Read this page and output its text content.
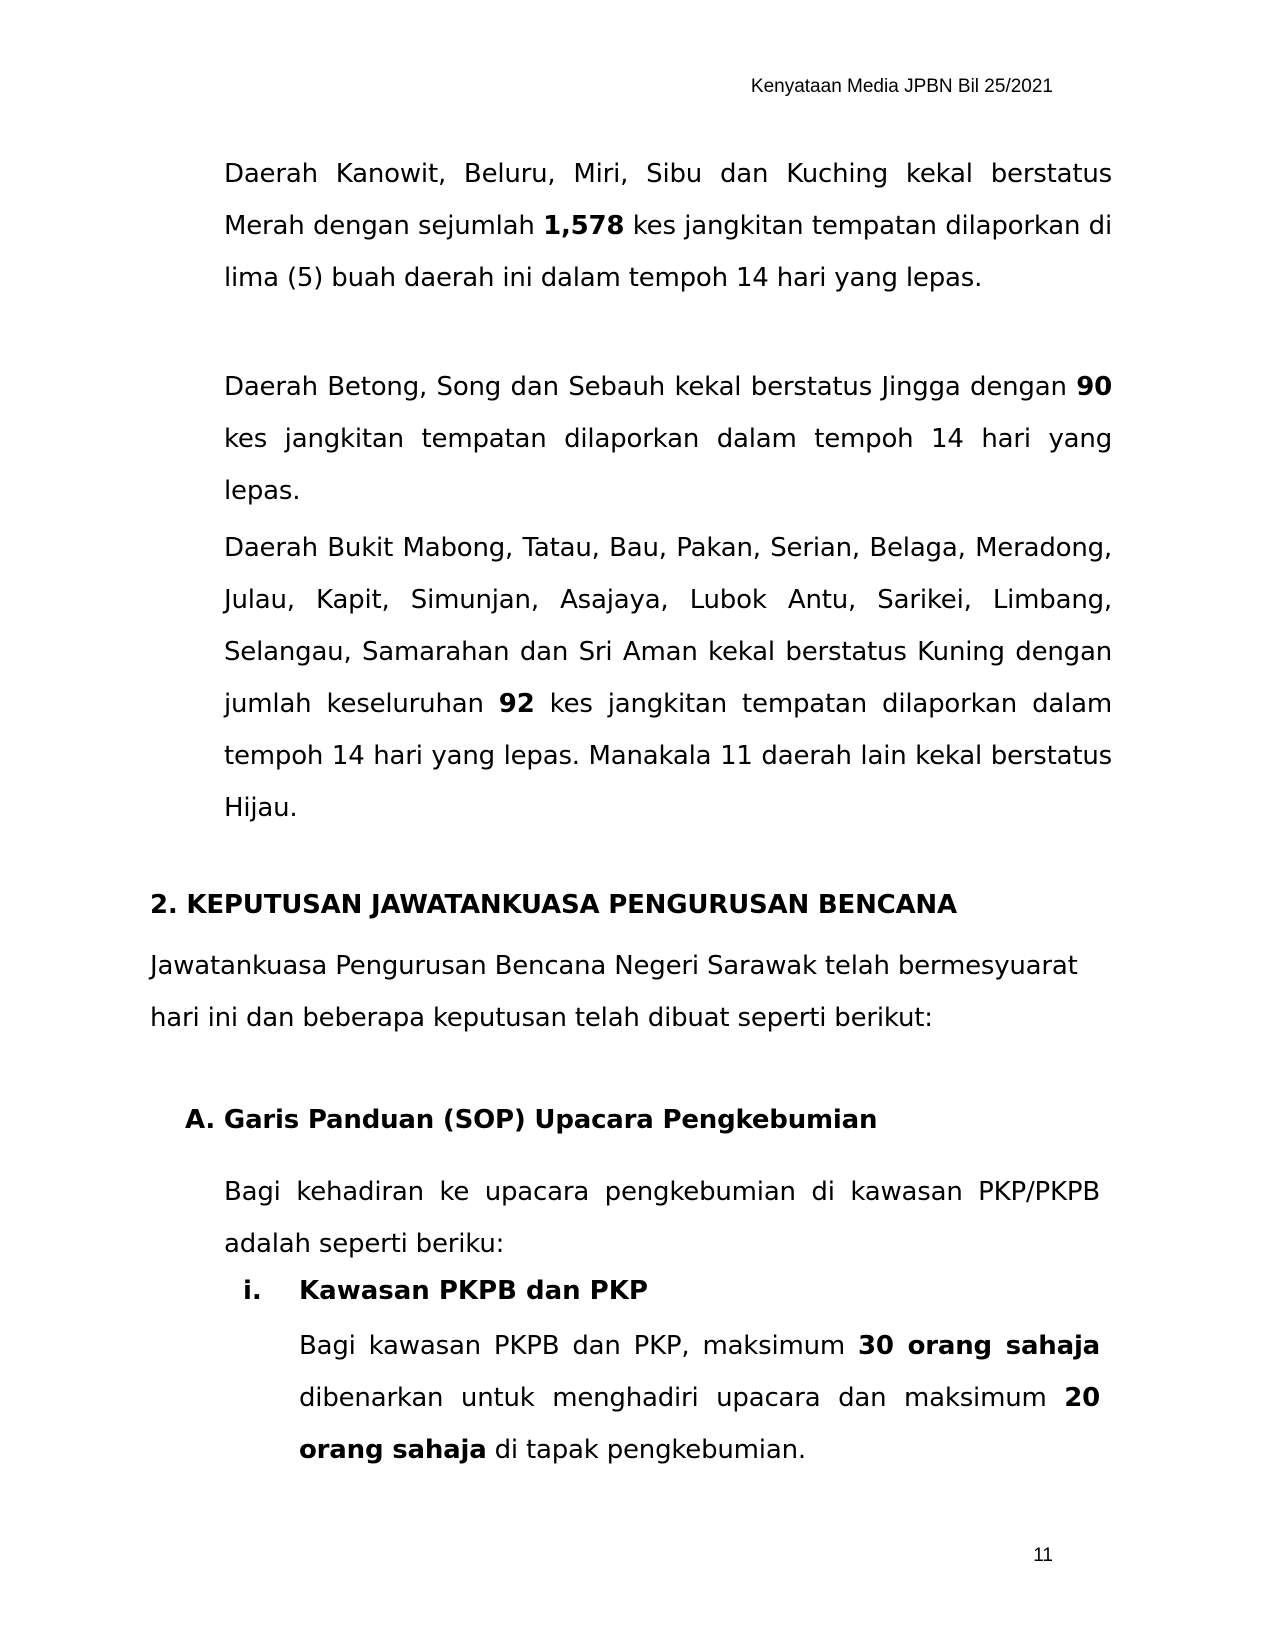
Kenyataan Media JPBN Bil 25/2021

Daerah Kanowit, Beluru, Miri, Sibu dan Kuching kekal berstatus Merah dengan sejumlah 1,578 kes jangkitan tempatan dilaporkan di lima (5) buah daerah ini dalam tempoh 14 hari yang lepas.

Daerah Betong, Song dan Sebauh kekal berstatus Jingga dengan 90 kes jangkitan tempatan dilaporkan dalam tempoh 14 hari yang lepas.

Daerah Bukit Mabong, Tatau, Bau, Pakan, Serian, Belaga, Meradong, Julau, Kapit, Simunjan, Asajaya, Lubok Antu, Sarikei, Limbang, Selangau, Samarahan dan Sri Aman kekal berstatus Kuning dengan jumlah keseluruhan 92 kes jangkitan tempatan dilaporkan dalam tempoh 14 hari yang lepas. Manakala 11 daerah lain kekal berstatus Hijau.

2. KEPUTUSAN JAWATANKUASA PENGURUSAN BENCANA

Jawatankuasa Pengurusan Bencana Negeri Sarawak telah bermesyuarat hari ini dan beberapa keputusan telah dibuat seperti berikut:

A. Garis Panduan (SOP) Upacara Pengkebumian

Bagi kehadiran ke upacara pengkebumian di kawasan PKP/PKPB adalah seperti beriku:

i. Kawasan PKPB dan PKP

Bagi kawasan PKPB dan PKP, maksimum 30 orang sahaja dibenarkan untuk menghadiri upacara dan maksimum 20 orang sahaja di tapak pengkebumian.

11
